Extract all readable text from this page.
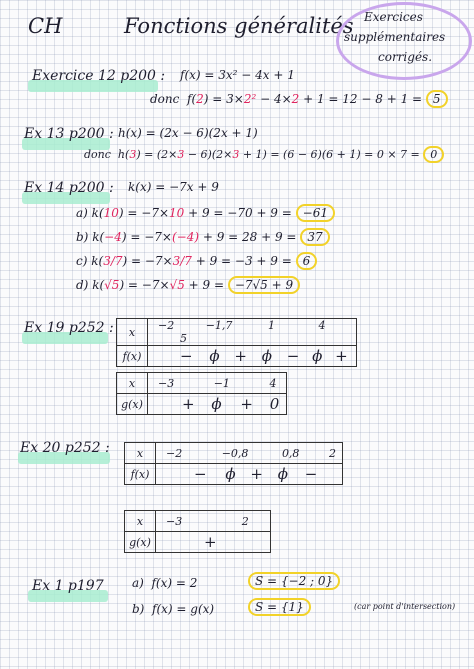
CH	Fonctions généralités Exercices
supplémentaires
corrigés.
Exercice 12 p200 : f(x) = 3x² − 4x + 1
donc f(2) = 3×2² − 4×2 + 1 = 12 − 8 + 1 = 5
Ex 13 p200 : h(x) = (2x − 6)(2x + 1)
donc h(3) = (2×3 − 6)(2×3 + 1) = (6 − 6)(6 + 1) = 0 × 7 = 0
Ex 14 p200 : k(x) = −7x + 9
a) k(10) = −7×10 + 9 = −70 + 9 = −61
b) k(−4) = −7×(−4) + 9 = 28 + 9 = 37
c) k(3/7) = −7×3/7 + 9 = −3 + 9 = 6
d) k(√5) = −7×√5 + 9 = −7√5 + 9
Ex 19 p252 : x	−2 −1,7 1 4 5
f(x)	− ϕ + ϕ − ϕ +
x	−3 −1 4
g(x)	+ ϕ + 0
Ex 20 p252 : x	−2 −0,8 0,8 2
f(x)	− ϕ + ϕ −
x	−3 2
g(x)	+
Ex 1 p197 a) f(x) = 2	S = {−2 ; 0}
b) f(x) = g(x)	S = {1}	(car point d'intersection)
